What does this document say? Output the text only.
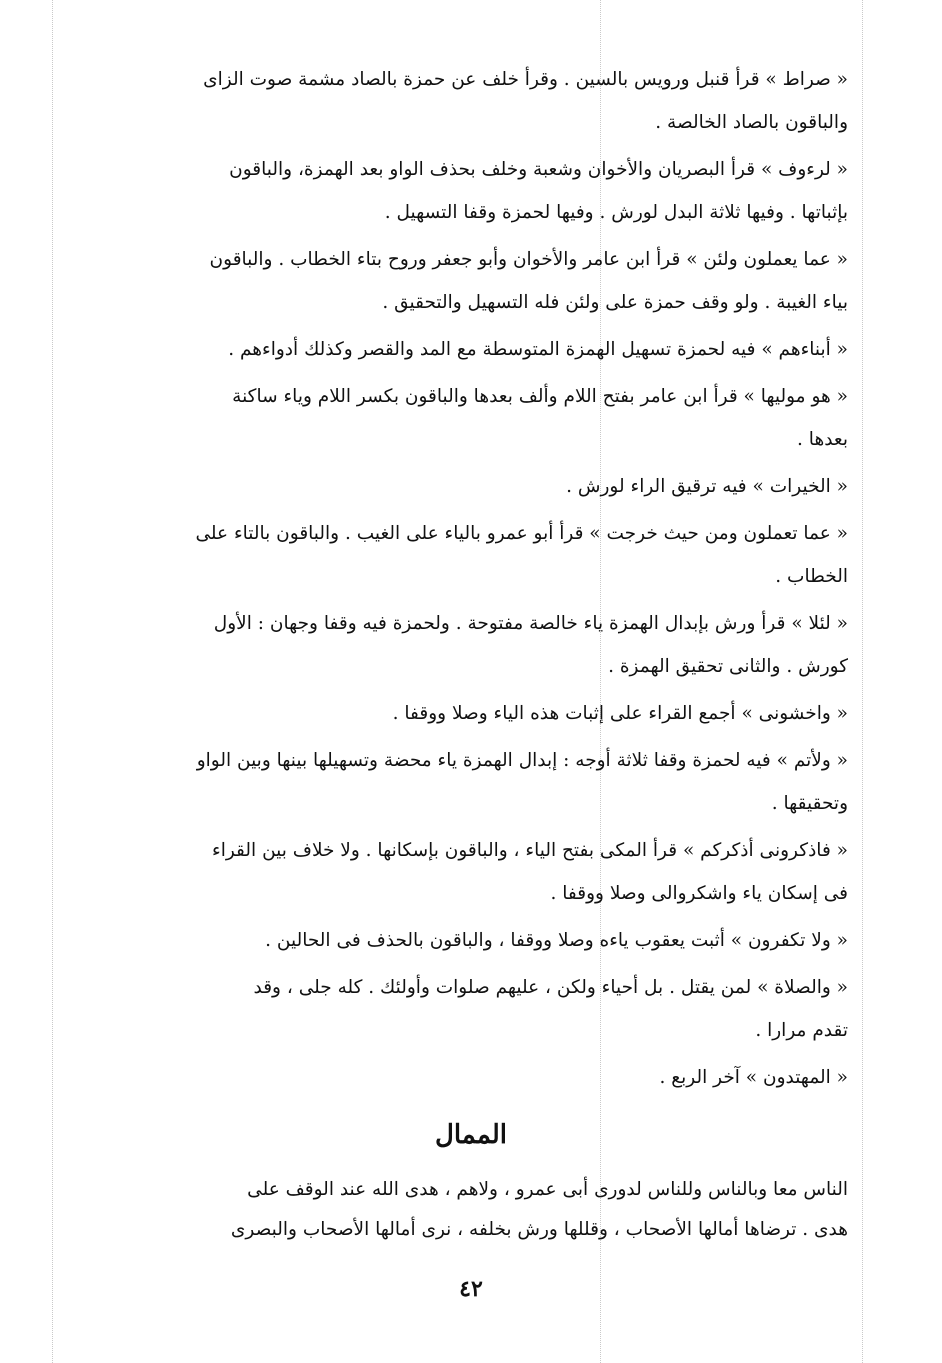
« صراط » قرأ قنبل ورويس بالسين . وقرأ خلف عن حمزة بالصاد مشمة صوت الزاى
والباقون بالصاد الخالصة .
« لرءوف » قرأ البصريان والأخوان وشعبة وخلف بحذف الواو بعد الهمزة، والباقون
بإثباتها . وفيها ثلاثة البدل لورش . وفيها لحمزة وقفا التسهيل .
« عما يعملون ولئن » قرأ ابن عامر والأخوان وأبو جعفر وروح بتاء الخطاب . والباقون
بياء الغيبة . ولو وقف حمزة على ولئن فله التسهيل والتحقيق .
« أبناءهم » فيه لحمزة تسهيل الهمزة المتوسطة مع المد والقصر وكذلك أدواءهم .
« هو موليها » قرأ ابن عامر بفتح اللام وألف بعدها والباقون بكسر اللام وياء ساكنة
بعدها .
« الخيرات » فيه ترقيق الراء لورش .
« عما تعملون ومن حيث خرجت » قرأ أبو عمرو بالياء على الغيب . والباقون بالتاء على
الخطاب .
« لئلا » قرأ ورش بإبدال الهمزة ياء خالصة مفتوحة . ولحمزة فيه وقفا وجهان : الأول
كورش . والثانى تحقيق الهمزة .
« واخشونى » أجمع القراء على إثبات هذه الياء وصلا ووقفا .
« ولأتم » فيه لحمزة وقفا ثلاثة أوجه : إبدال الهمزة ياء محضة وتسهيلها بينها وبين الواو
وتحقيقها .
« فاذكرونى أذكركم » قرأ المكى بفتح الياء ، والباقون بإسكانها . ولا خلاف بين القراء
فى إسكان ياء واشكروالى وصلا ووقفا .
« ولا تكفرون » أثبت يعقوب ياءه وصلا ووقفا ، والباقون بالحذف فى الحالين .
« والصلاة » لمن يقتل . بل أحياء ولكن ، عليهم صلوات وأولئك . كله جلى ، وقد
تقدم مرارا .
« المهتدون » آخر الربع .
الممال
الناس معا وبالناس وللناس لدورى أبى عمرو ، ولاهم ، هدى الله عند الوقف على
هدى . ترضاها أمالها الأصحاب ، وقللها ورش بخلفه ، نرى أمالها الأصحاب والبصرى
٤٢
